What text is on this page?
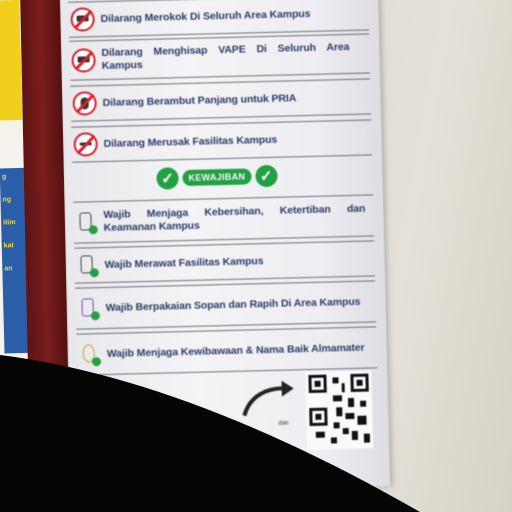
g
ng
itim
kat
an
Dilarang Merokok Di Seluruh Area Kampus
Dilarang Menghisap VAPE Di Seluruh Area Kampus
Dilarang Berambut Panjang untuk PRIA
Dilarang Merusak Fasilitas Kampus
✓	KEWAJIBAN ✓
Wajib Menjaga Kebersihan, Ketertiban dan Keamanan Kampus
Wajib Merawat Fasilitas Kampus
Wajib Berpakaian Sopan dan Rapih Di Area Kampus
Wajib Menjaga Kewibawaan & Nama Baik Almamater
dan
